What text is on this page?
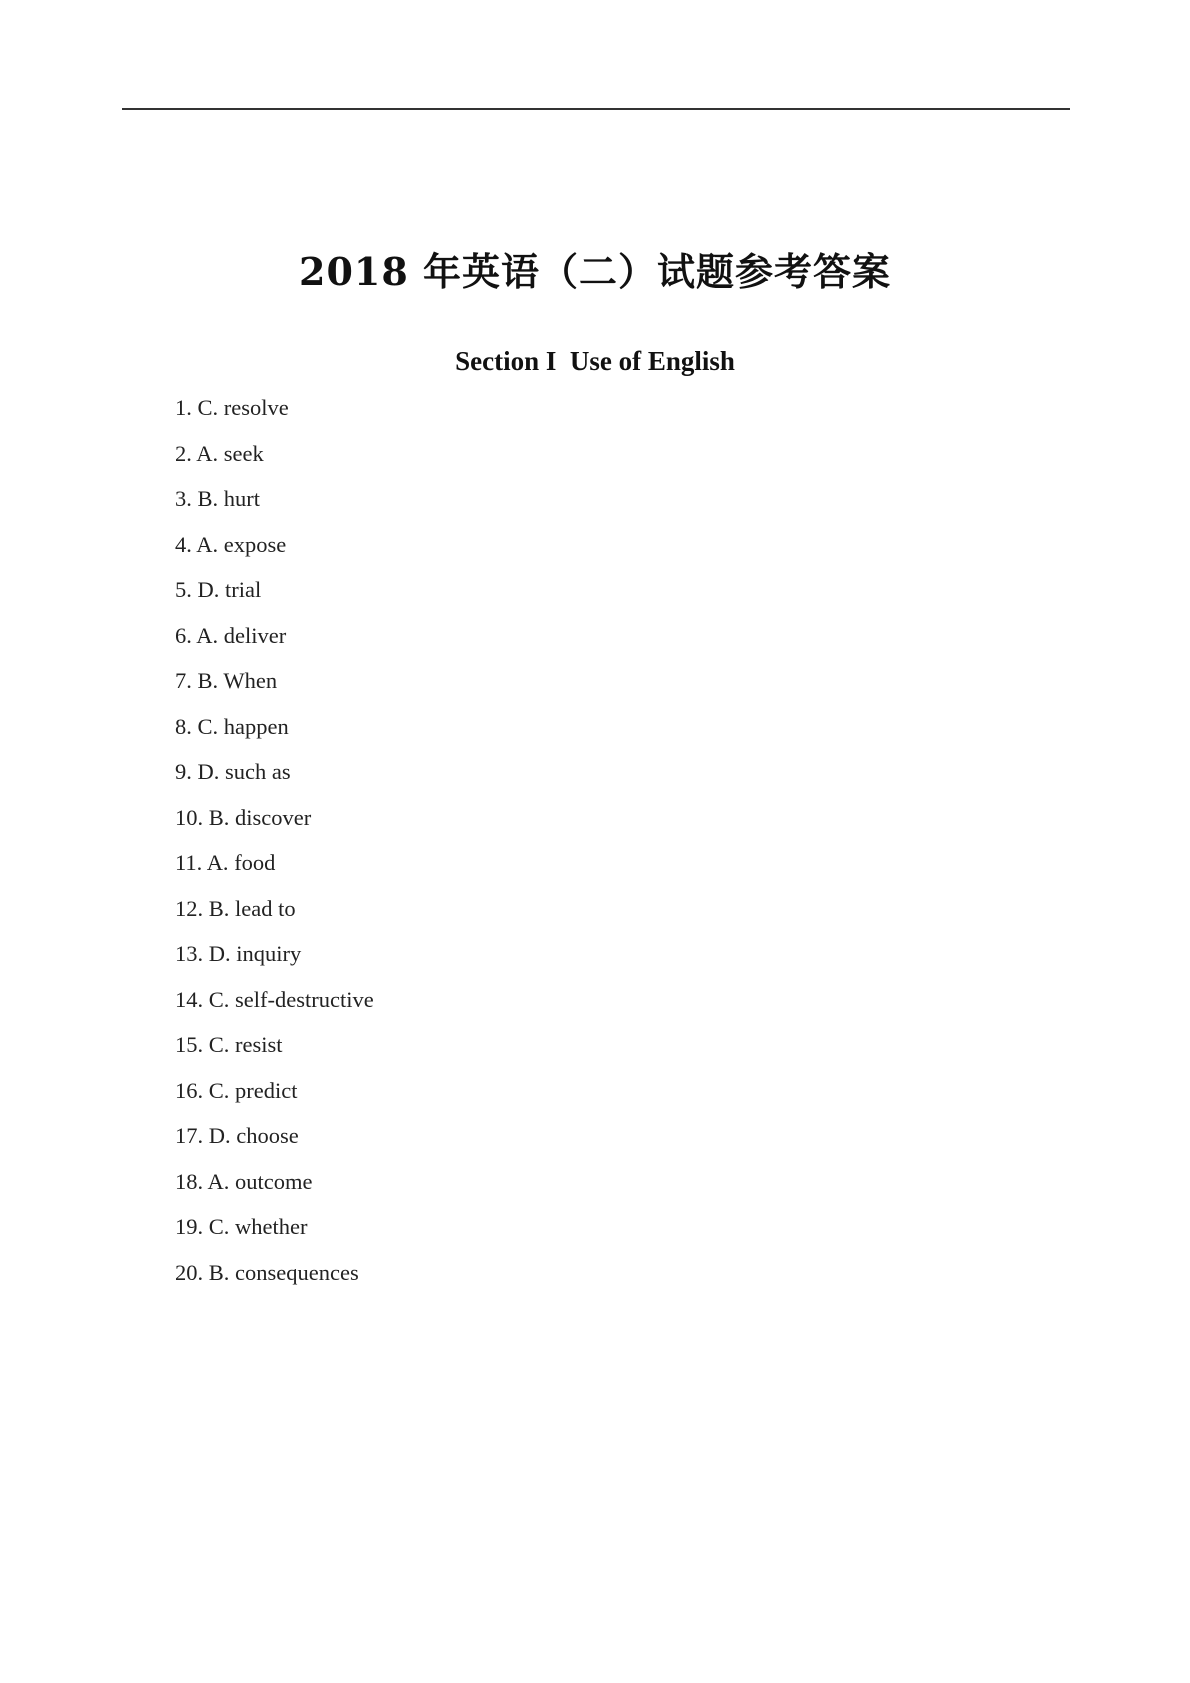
2018 年英语（二）试题参考答案
Section I  Use of English
1. C. resolve
2. A. seek
3. B. hurt
4. A. expose
5. D. trial
6. A. deliver
7. B. When
8. C. happen
9. D. such as
10. B. discover
11. A. food
12. B. lead to
13. D. inquiry
14. C. self-destructive
15. C. resist
16. C. predict
17. D. choose
18. A. outcome
19. C. whether
20. B. consequences
